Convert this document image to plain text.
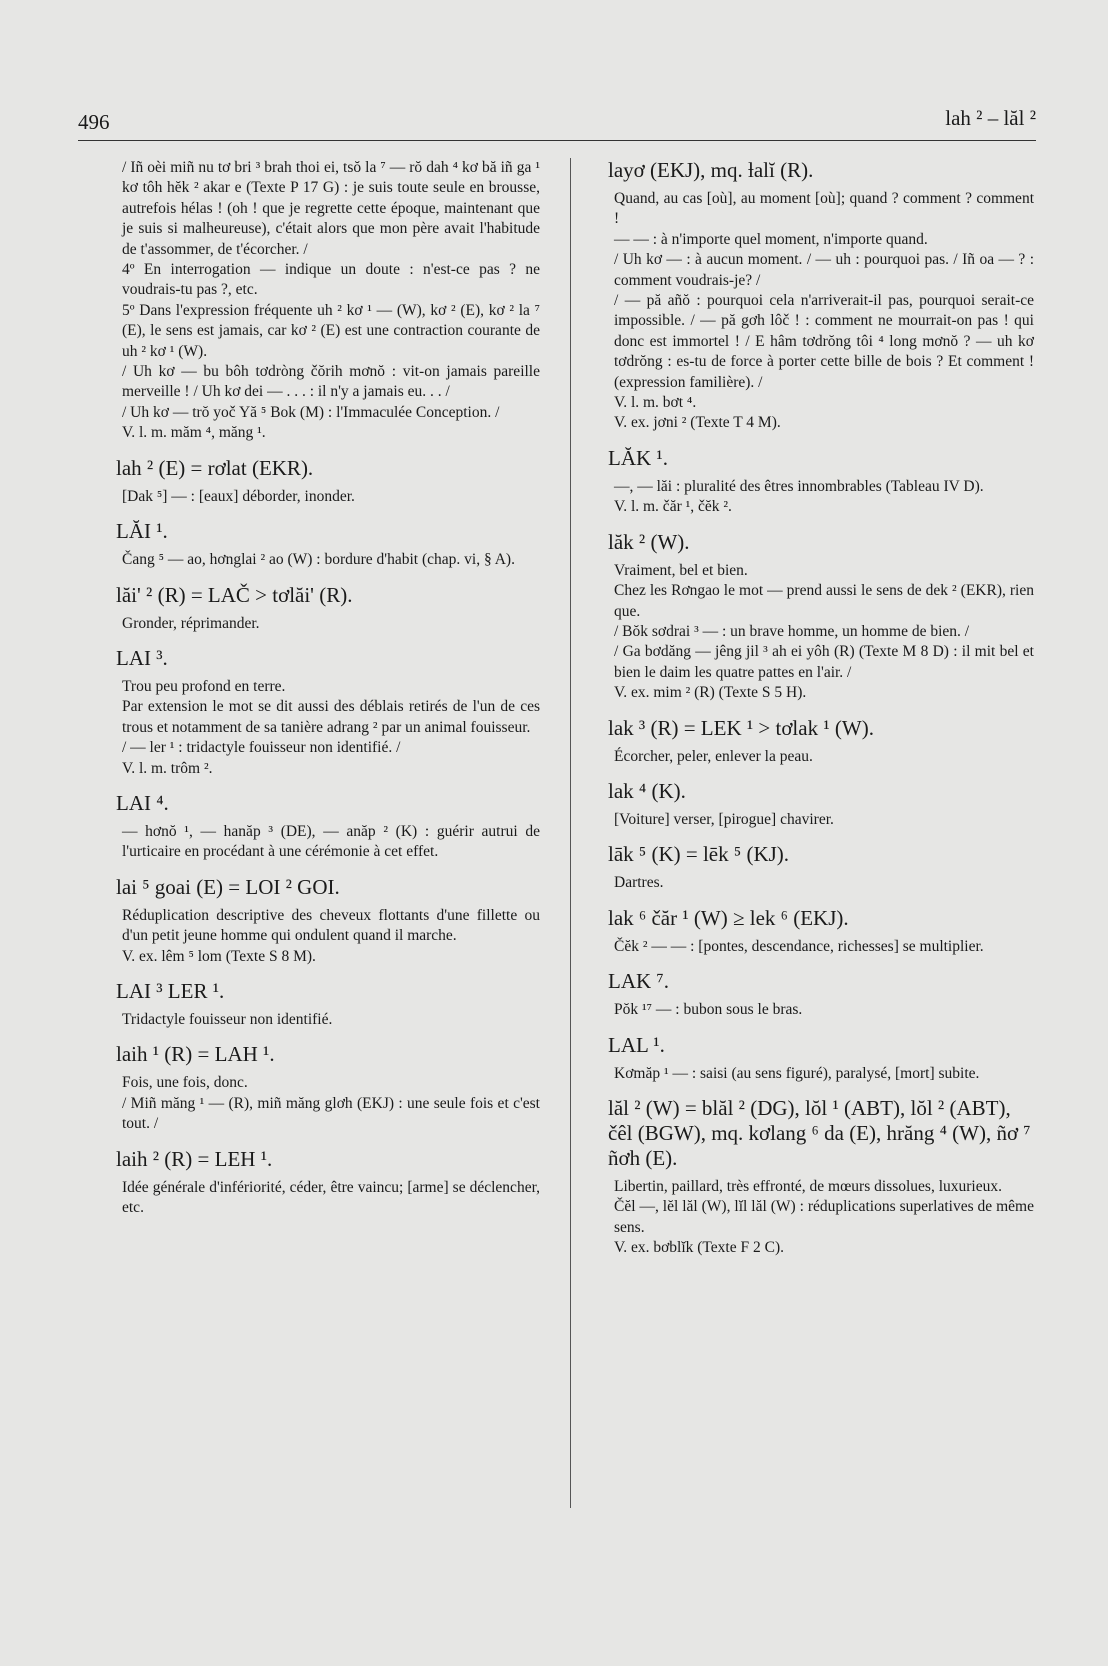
496	lah ² – lăl ²

/ Iñ oèi miñ nu tơ bri ³ brah thoi ei, tsŏ la ⁷ — rŏ dah ⁴ kơ bă iñ ga ¹ kơ tôh hĕk ² akar e (Texte P 17 G) : je suis toute seule en brousse, autrefois hélas ! (oh ! que je regrette cette époque, maintenant que je suis si malheureuse), c'était alors que mon père avait l'habitude de t'assommer, de t'écorcher. /

4º En interrogation — indique un doute : n'est-ce pas ? ne voudrais-tu pas ?, etc.

5º Dans l'expression fréquente uh ² kơ ¹ — (W), kơ ² (E), kơ ² la ⁷ (E), le sens est jamais, car kơ ² (E) est une contraction courante de uh ² kơ ¹ (W).

/ Uh kơ — bu bôh tơdròng čŏrih mơnŏ : vit-on jamais pareille merveille ! / Uh kơ dei — . . . : il n'y a jamais eu. . . /

/ Uh kơ — trŏ yoč Yă ⁵ Bok (M) : l'Immaculée Conception. /

V. l. m. măm ⁴, măng ¹.

lah ² (E) = rơlat (EKR).

[Dak ⁵] — : [eaux] déborder, inonder.

LĂI ¹.

Čang ⁵ — ao, hơnglai ² ao (W) : bordure d'habit (chap. vi, § A).

lăi' ² (R) = LAČ > tơlăi' (R).

Gronder, réprimander.

LAI ³.

Trou peu profond en terre.

Par extension le mot se dit aussi des déblais retirés de l'un de ces trous et notamment de sa tanière adrang ² par un animal fouisseur.

/ — ler ¹ : tridactyle fouisseur non identifié. /

V. l. m. trôm ².

LAI ⁴.

— hơnŏ ¹, — hanăp ³ (DE), — anăp ² (K) : guérir autrui de l'urticaire en procédant à une cérémonie à cet effet.

lai ⁵ goai (E) = LOI ² GOI.

Réduplication descriptive des cheveux flottants d'une fillette ou d'un petit jeune homme qui ondulent quand il marche.

V. ex. lêm ⁵ lom (Texte S 8 M).

LAI ³ LER ¹.

Tridactyle fouisseur non identifié.

laih ¹ (R) = LAH ¹.

Fois, une fois, donc.

/ Miñ măng ¹ — (R), miñ măng glơh (EKJ) : une seule fois et c'est tout. /

laih ² (R) = LEH ¹.

Idée générale d'infériorité, céder, être vaincu; [arme] se déclencher, etc.

layơ (EKJ), mq. ƚalĭ (R).

Quand, au cas [où], au moment [où]; quand ? comment ? comment !

— — : à n'importe quel moment, n'importe quand.

/ Uh kơ — : à aucun moment. / — uh : pourquoi pas. / Iñ oa — ? : comment voudrais-je? /

/ — pă añŏ : pourquoi cela n'arriverait-il pas, pourquoi serait-ce impossible. / — pă gơh lôč ! : comment ne mourrait-on pas ! qui donc est immortel ! / E hâm tơdrŏng tôi ⁴ long mơnŏ ? — uh kơ tơdrŏng : es-tu de force à porter cette bille de bois ? Et comment ! (expression familière). /

V. l. m. bơt ⁴.

V. ex. jơni ² (Texte T 4 M).

LĂK ¹.

—, — lăi : pluralité des êtres innombrables (Tableau IV D).

V. l. m. čăr ¹, čĕk ².

lăk ² (W).

Vraiment, bel et bien.

Chez les Rơngao le mot — prend aussi le sens de dek ² (EKR), rien que.

/ Bŏk sơdrai ³ — : un brave homme, un homme de bien. /

/ Ga bơdăng — jêng jil ³ ah ei yôh (R) (Texte M 8 D) : il mit bel et bien le daim les quatre pattes en l'air. /

V. ex. mim ² (R) (Texte S 5 H).

lak ³ (R) = LEK ¹ > tơlak ¹ (W).

Écorcher, peler, enlever la peau.

lak ⁴ (K).

[Voiture] verser, [pirogue] chavirer.

lāk ⁵ (K) = lēk ⁵ (KJ).

Dartres.

lak ⁶ čăr ¹ (W) ≥ lek ⁶ (EKJ).

Čĕk ² — — : [pontes, descendance, richesses] se multiplier.

LAK ⁷.

Pŏk ¹⁷ — : bubon sous le bras.

LAL ¹.

Kơmăp ¹ — : saisi (au sens figuré), paralysé, [mort] subite.

lăl ² (W) = blăl ² (DG), lŏl ¹ (ABT), lŏl ² (ABT), čêl (BGW), mq. kơlang ⁶ da (E), hrăng ⁴ (W), ñơ ⁷ ñơh (E).

Libertin, paillard, très effronté, de mœurs dissolues, luxurieux.

Čĕl —, lĕl lăl (W), lĭl lăl (W) : réduplications superlatives de même sens.

V. ex. bơblĭk (Texte F 2 C).
